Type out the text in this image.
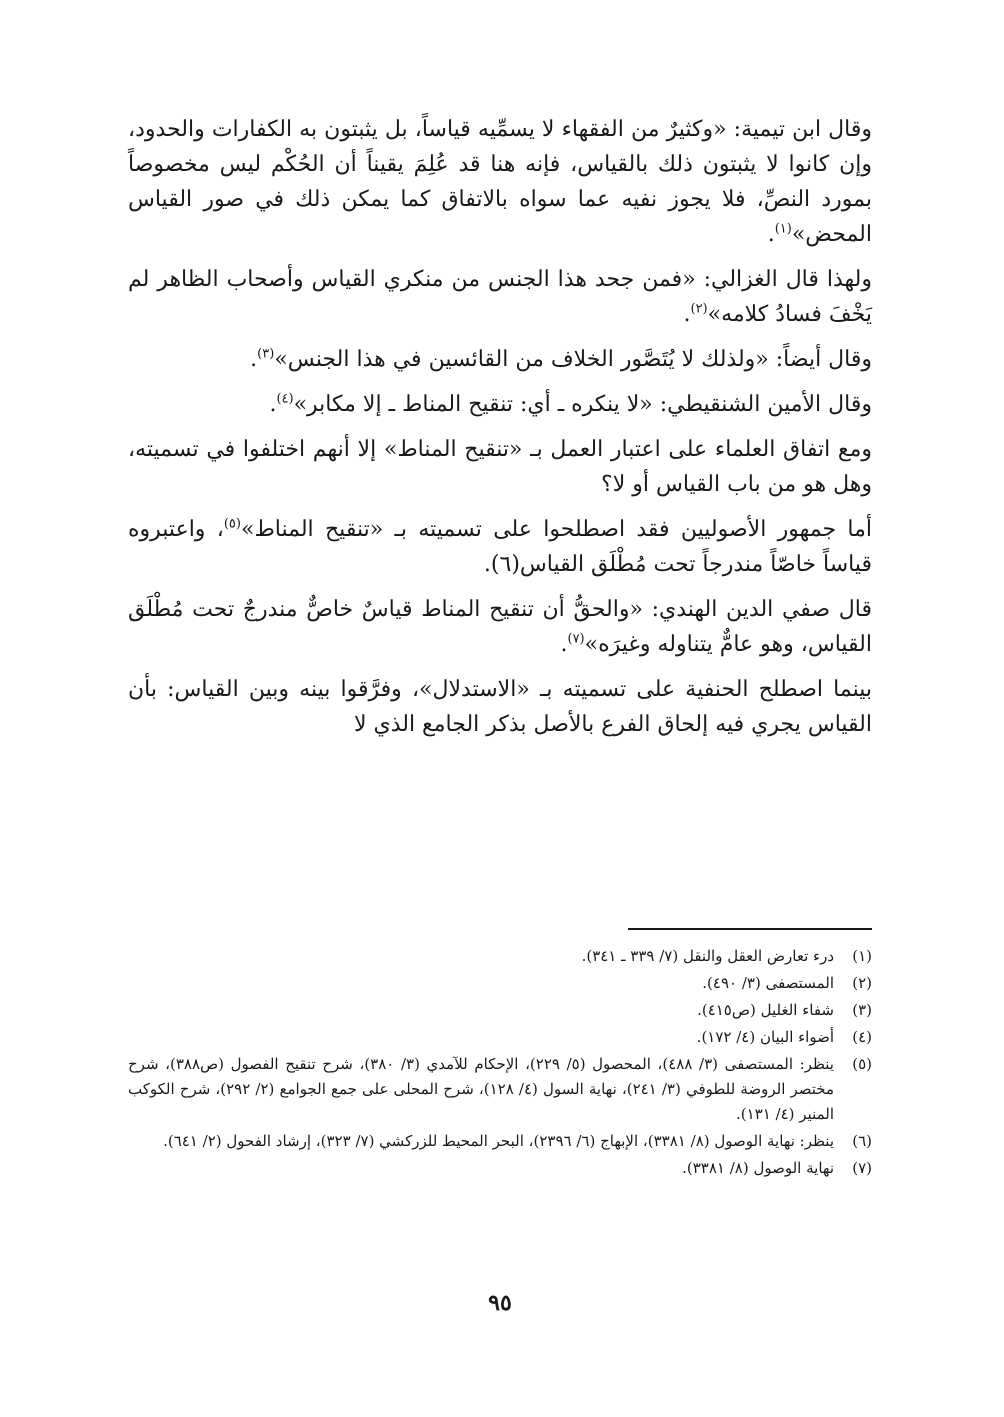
وقال ابن تيمية: «وكثيرٌ من الفقهاء لا يسمِّيه قياساً، بل يثبتون به الكفارات والحدود، وإن كانوا لا يثبتون ذلك بالقياس، فإنه هنا قد عُلِمَ يقيناً أن الحُكْم ليس مخصوصاً بمورد النصِّ، فلا يجوز نفيه عما سواه بالاتفاق كما يمكن ذلك في صور القياس المحض»$^{(١)}$.

ولهذا قال الغزالي: «فمن جحد هذا الجنس من منكري القياس وأصحاب الظاهر لم يَخْفَ فسادُ كلامه»$^{(٢)}$.

وقال أيضاً: «ولذلك لا يُتَصَّور الخلاف من القائسين في هذا الجنس»$^{(٣)}$.

وقال الأمين الشنقيطي: «لا ينكره ـ أي: تنقيح المناط ـ إلا مكابر»$^{(٤)}$.

ومع اتفاق العلماء على اعتبار العمل بـ «تنقيح المناط» إلا أنهم اختلفوا في تسميته، وهل هو من باب القياس أو لا؟

أما جمهور الأصوليين فقد اصطلحوا على تسميته بـ «تنقيح المناط»$^{(٥)}$، واعتبروه قياساً خاصّاً مندرجاً تحت مُطْلَق القياس(٦).

قال صفي الدين الهندي: «والحقُّ أن تنقيح المناط قياسٌ خاصٌّ مندرجٌ تحت مُطْلَق القياس، وهو عامٌّ يتناوله وغيرَه»$^{(٧)}$.

بينما اصطلح الحنفية على تسميته بـ «الاستدلال»، وفرَّقوا بينه وبين القياس: بأن القياس يجري فيه إلحاق الفرع بالأصل بذكر الجامع الذي لا

(١)
درء تعارض العقل والنقل (٧/ ٣٣٩ ـ ٣٤١).
(٢)
المستصفى (٣/ ٤٩٠).
(٣)
شفاء الغليل (ص٤١٥).
(٤)
أضواء البيان (٤/ ١٧٢).
(٥)
ينظر: المستصفى (٣/ ٤٨٨)، المحصول (٥/ ٢٢٩)، الإحكام للآمدي (٣/ ٣٨٠)، شرح تنقيح الفصول (ص٣٨٨)، شرح مختصر الروضة للطوفي (٣/ ٢٤١)، نهاية السول (٤/ ١٢٨)، شرح المحلى على جمع الجوامع (٢/ ٢٩٢)، شرح الكوكب المنير (٤/ ١٣١).
(٦)
ينظر: نهاية الوصول (٨/ ٣٣٨١)، الإبهاج (٦/ ٢٣٩٦)، البحر المحيط للزركشي (٧/ ٣٢٣)، إرشاد الفحول (٢/ ٦٤١).
(٧)
نهاية الوصول (٨/ ٣٣٨١).
٩٥
